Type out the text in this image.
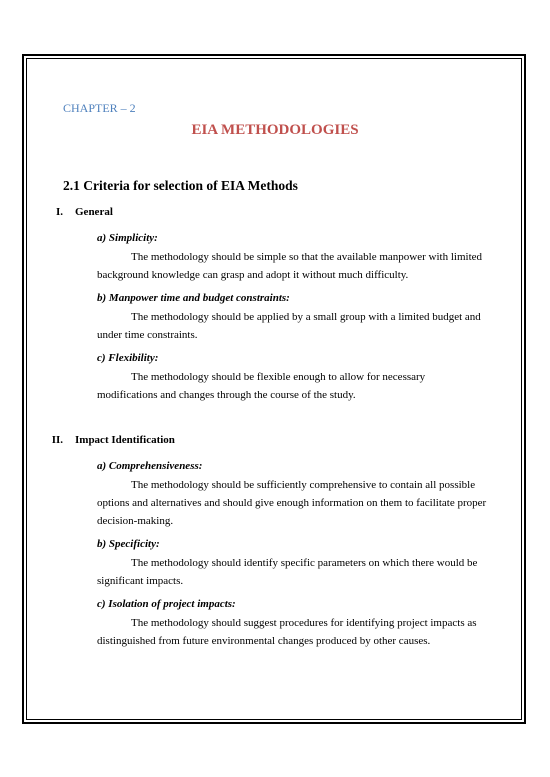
CHAPTER – 2
EIA METHODOLOGIES
2.1 Criteria for selection of EIA Methods
I. General
a) Simplicity:
The methodology should be simple so that the available manpower with limited background knowledge can grasp and adopt it without much difficulty.
b) Manpower time and budget constraints:
The methodology should be applied by a small group with a limited budget and under time constraints.
c) Flexibility:
The methodology should be flexible enough to allow for necessary modifications and changes through the course of the study.
II. Impact Identification
a) Comprehensiveness:
The methodology should be sufficiently comprehensive to contain all possible options and alternatives and should give enough information on them to facilitate proper decision-making.
b) Specificity:
The methodology should identify specific parameters on which there would be significant impacts.
c) Isolation of project impacts:
The methodology should suggest procedures for identifying project impacts as distinguished from future environmental changes produced by other causes.
